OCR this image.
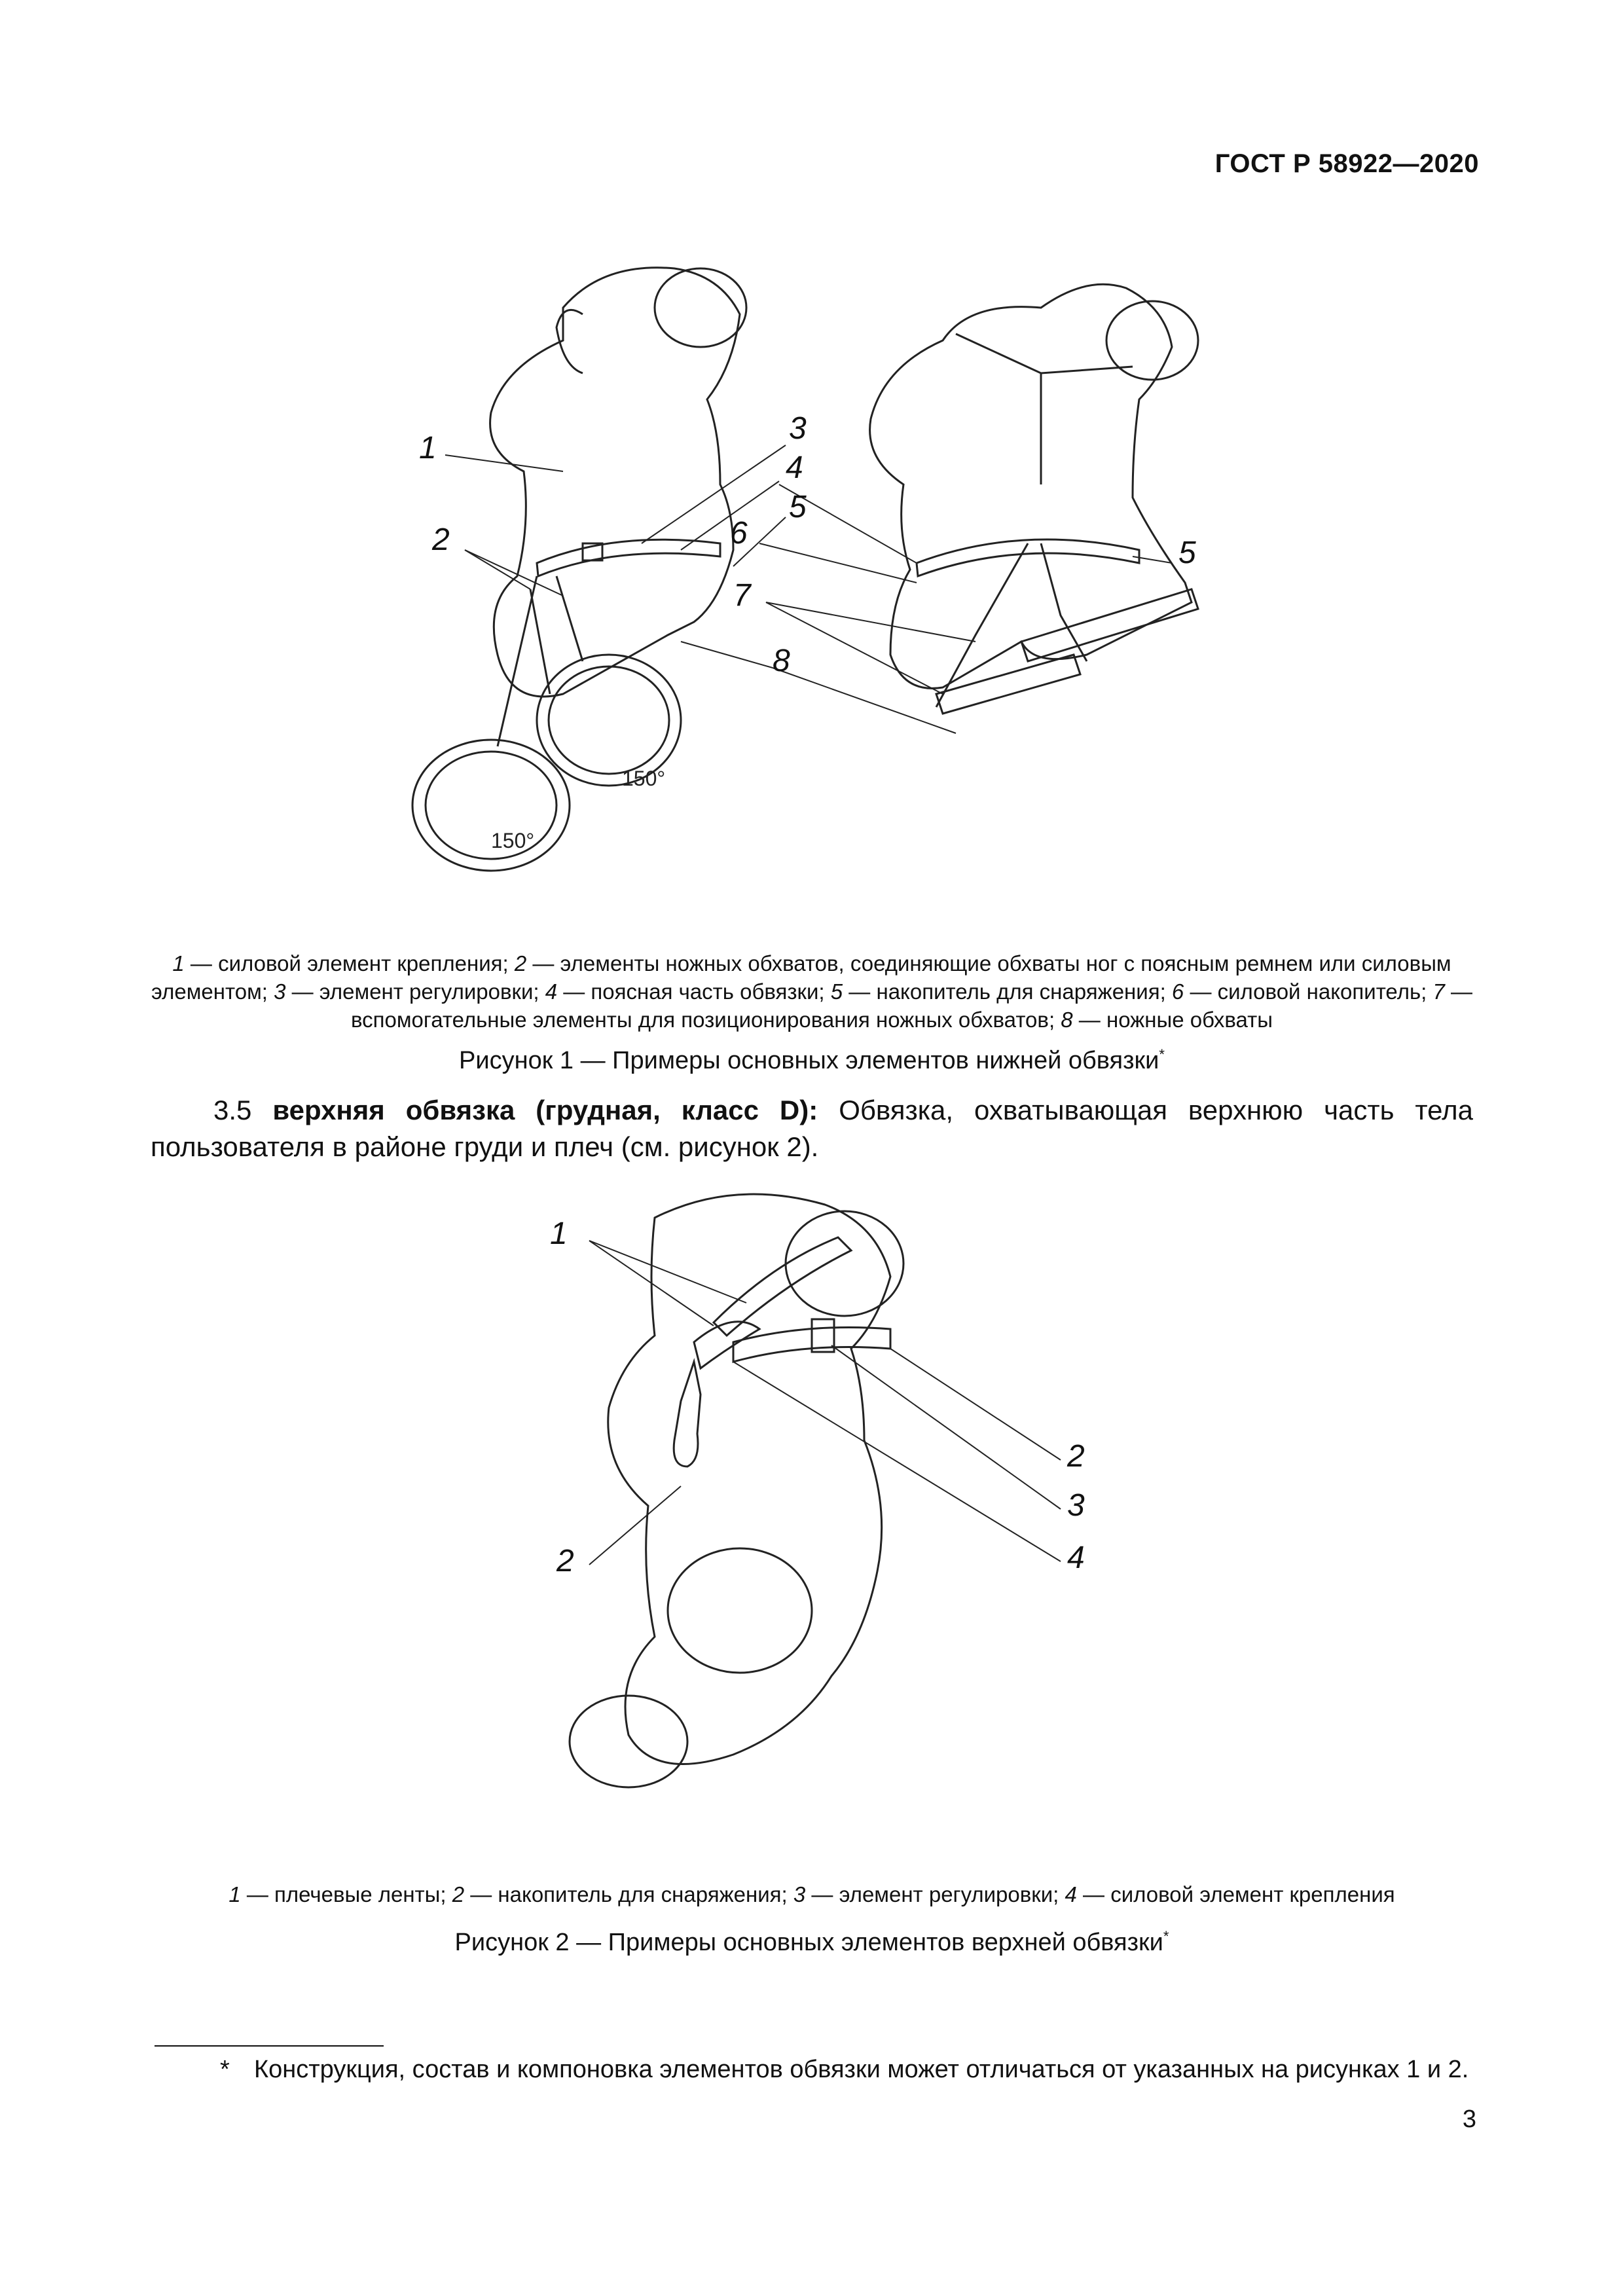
ГОСТ Р 58922—2020
1
2
3
4
5
5
6
7
8
150°
150°
1 — силовой элемент крепления; 2 — элементы ножных обхватов, соединяющие обхваты ног с поясным ремнем или силовым элементом; 3 — элемент регулировки; 4 — поясная часть обвязки; 5 — накопитель для снаряжения; 6 — силовой накопитель; 7 — вспомогательные элементы для позиционирования ножных обхватов; 8 — ножные обхваты
Рисунок 1 — Примеры основных элементов нижней обвязки*
3.5 верхняя обвязка (грудная, класс D): Обвязка, охватывающая верхнюю часть тела пользователя в районе груди и плеч (см. рисунок 2).
1
2
3
4
2
1 — плечевые ленты; 2 — накопитель для снаряжения; 3 — элемент регулировки; 4 — силовой элемент крепления
Рисунок 2 — Примеры основных элементов верхней обвязки*
* Конструкция, состав и компоновка элементов обвязки может отличаться от указанных на рисунках 1 и 2.
3
